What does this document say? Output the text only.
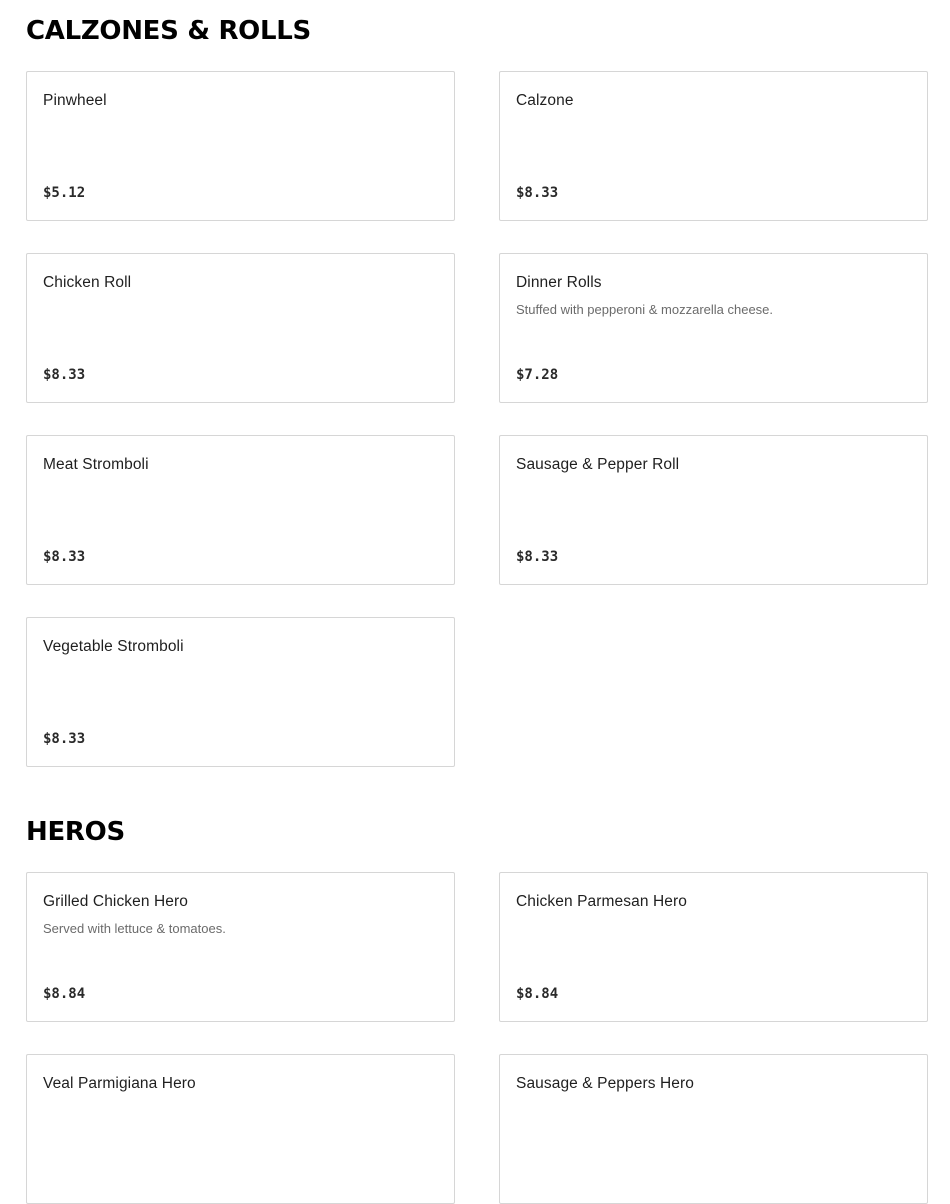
CALZONES & ROLLS
Pinwheel
$5.12
Calzone
$8.33
Chicken Roll
$8.33
Dinner Rolls
Stuffed with pepperoni & mozzarella cheese.
$7.28
Meat Stromboli
$8.33
Sausage & Pepper Roll
$8.33
Vegetable Stromboli
$8.33
HEROS
Grilled Chicken Hero
Served with lettuce & tomatoes.
$8.84
Chicken Parmesan Hero
$8.84
Veal Parmigiana Hero	Sausage & Peppers Hero
